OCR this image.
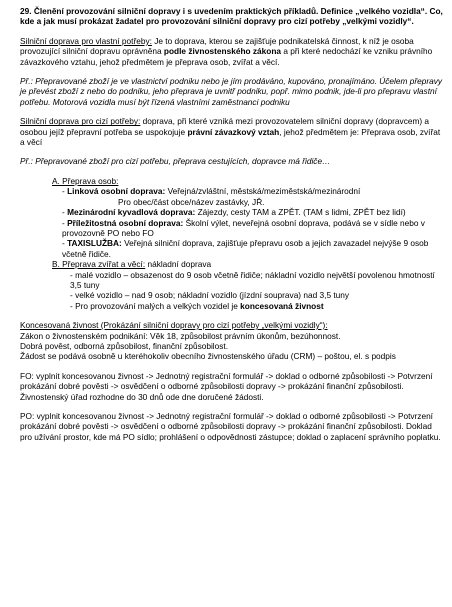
29. Členění provozování silniční dopravy i s uvedením praktických příkladů. Definice „velkého vozidla“. Co, kde a jak musí prokázat žadatel pro provozování silniční dopravy pro cizí potřeby „velkými vozidly“.

Silniční doprava pro vlastní potřeby: Je to doprava, kterou se zajišťuje podnikatelská činnost, k níž je osoba provozující silniční dopravu oprávněna podle živnostenského zákona a při které nedochází ke vzniku právního závazkového vztahu, jehož předmětem je přeprava osob, zvířat a věcí.

Př.: Přepravované zboží je ve vlastnictví podniku nebo je jím prodáváno, kupováno, pronajímáno. Účelem přepravy je převést zboží z nebo do podniku, jeho přeprava je uvnitř podniku, popř. mimo podnik, jde-li pro přepravu vlastní potřebu. Motorová vozidla musí být řízená vlastními zaměstnanci podniku

Silniční doprava pro cizí potřeby: doprava, při které vzniká mezi provozovatelem silniční dopravy (dopravcem) a osobou jejíž přepravní potřeba se uspokojuje právní závazkový vztah, jehož předmětem je: Přeprava osob, zvířat a věcí

Př.: Přepravované zboží pro cizí potřebu, přeprava cestujících, dopravce má řidiče…

A. Přeprava osob:

- Linková osobní doprava: Veřejná/zvláštní, městská/meziměstská/mezinárodní

Pro obec/část obce/název zastávky, JŘ.

- Mezinárodní kyvadlová doprava: Zájezdy, cesty TAM a ZPĚT. (TAM s lidmi, ZPĚT bez lidí)

- Příležitostná osobní doprava: Školní výlet, neveřejná osobní doprava, podává se v sídle nebo v provozovně PO nebo FO

- TAXISLUŽBA: Veřejná silniční doprava, zajišťuje přepravu osob a jejich zavazadel nejvýše 9 osob včetně řidiče.

B. Přeprava zvířat a věcí: nákladní doprava

- malé vozidlo – obsazenost do 9 osob včetně řidiče; nákladní vozidlo největší povolenou hmotností 3,5 tuny

- velké vozidlo – nad 9 osob; nákladní vozidlo (jízdní souprava) nad 3,5 tuny

- Pro provozování malých a velkých vozidel je koncesovaná živnost

Koncesovaná živnost (Prokázání silniční dopravy pro cizí potřeby „velkými vozidly“):

Zákon o živnostenském podnikání: Věk 18, způsobilost právním úkonům, bezúhonnost.

Dobrá pověst, odborná způsobilost, finanční způsobilost.

Žádost se podává osobně u kteréhokoliv obecního živnostenského úřadu (CRM) – poštou, el. s podpis

FO: vyplnit koncesovanou živnost -> Jednotný registrační formulář -> doklad o odborné způsobilosti -> Potvrzení prokázání dobré pověsti -> osvědčení o odborné způsobilosti dopravy -> prokázání finanční způsobilosti. Živnostenský úřad rozhodne do 30 dnů ode dne doručené žádosti.

PO: vyplnit koncesovanou živnost -> Jednotný registrační formulář -> doklad o odborné způsobilosti -> Potvrzení prokázání dobré pověsti -> osvědčení o odborné způsobilosti dopravy -> prokázání finanční způsobilosti. Doklad pro užívání prostor, kde má PO sídlo; prohlášení o odpovědnosti zástupce; doklad o zaplacení správního poplatku.
